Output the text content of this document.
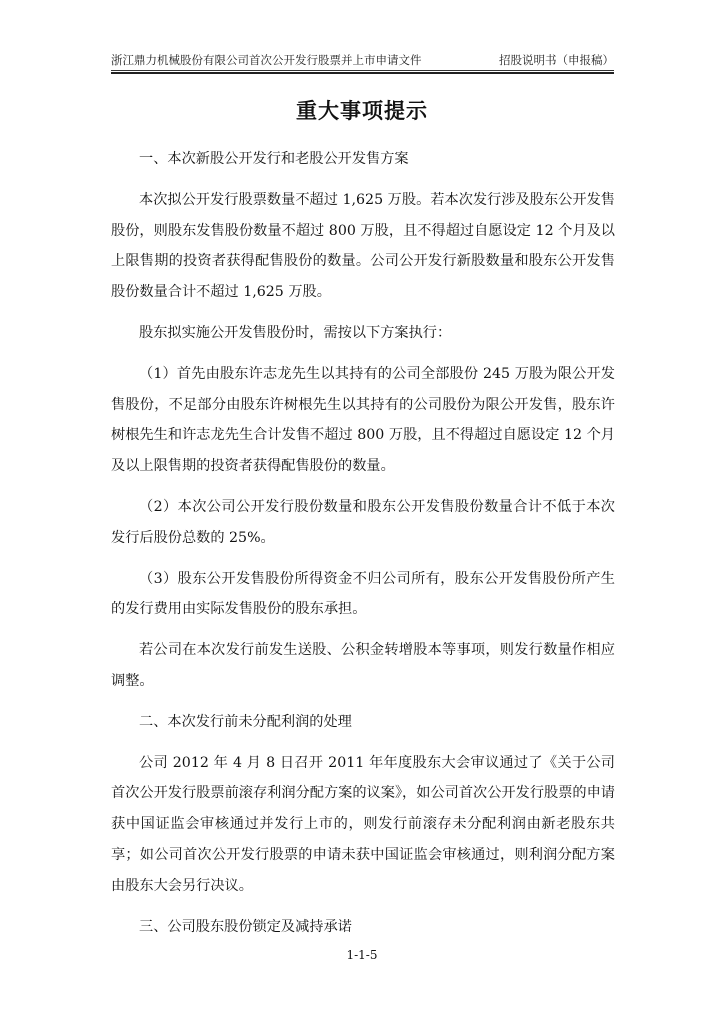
浙江鼎力机械股份有限公司首次公开发行股票并上市申请文件	招股说明书（申报稿）
重大事项提示

一、本次新股公开发行和老股公开发售方案

本次拟公开发行股票数量不超过 1,625 万股。若本次发行涉及股东公开发售股份，则股东发售股份数量不超过 800 万股，且不得超过自愿设定 12 个月及以上限售期的投资者获得配售股份的数量。公司公开发行新股数量和股东公开发售股份数量合计不超过 1,625 万股。

股东拟实施公开发售股份时，需按以下方案执行：

（1）首先由股东许志龙先生以其持有的公司全部股份 245 万股为限公开发售股份，不足部分由股东许树根先生以其持有的公司股份为限公开发售，股东许树根先生和许志龙先生合计发售不超过 800 万股，且不得超过自愿设定 12 个月及以上限售期的投资者获得配售股份的数量。

（2）本次公司公开发行股份数量和股东公开发售股份数量合计不低于本次发行后股份总数的 25%。

（3）股东公开发售股份所得资金不归公司所有，股东公开发售股份所产生的发行费用由实际发售股份的股东承担。

若公司在本次发行前发生送股、公积金转增股本等事项，则发行数量作相应调整。

二、本次发行前未分配利润的处理

公司 2012 年 4 月 8 日召开 2011 年年度股东大会审议通过了《关于公司首次公开发行股票前滚存利润分配方案的议案》，如公司首次公开发行股票的申请获中国证监会审核通过并发行上市的，则发行前滚存未分配利润由新老股东共享；如公司首次公开发行股票的申请未获中国证监会审核通过，则利润分配方案由股东大会另行决议。

三、公司股东股份锁定及减持承诺

1-1-5
